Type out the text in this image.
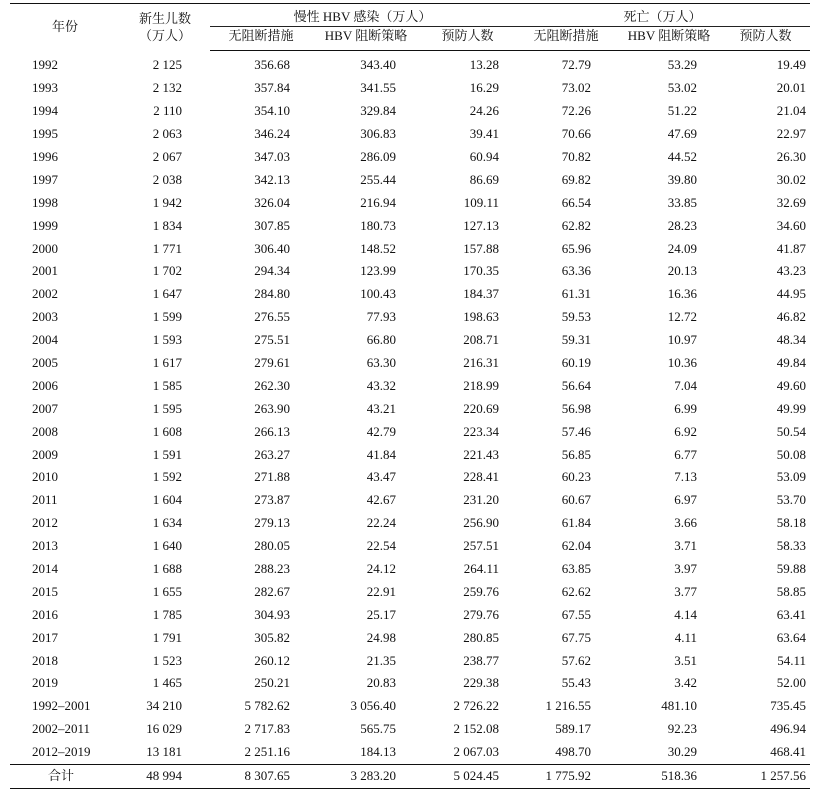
年份	新生儿数
（万人）	慢性 HBV 感染（万人）			死亡（万人）		
		无阻断措施	HBV 阻断策略	预防人数	无阻断措施	HBV 阻断策略	预防人数
1992	2 125	356.68	343.40	13.28	72.79	53.29	19.49
1993	2 132	357.84	341.55	16.29	73.02	53.02	20.01
1994	2 110	354.10	329.84	24.26	72.26	51.22	21.04
1995	2 063	346.24	306.83	39.41	70.66	47.69	22.97
1996	2 067	347.03	286.09	60.94	70.82	44.52	26.30
1997	2 038	342.13	255.44	86.69	69.82	39.80	30.02
1998	1 942	326.04	216.94	109.11	66.54	33.85	32.69
1999	1 834	307.85	180.73	127.13	62.82	28.23	34.60
2000	1 771	306.40	148.52	157.88	65.96	24.09	41.87
2001	1 702	294.34	123.99	170.35	63.36	20.13	43.23
2002	1 647	284.80	100.43	184.37	61.31	16.36	44.95
2003	1 599	276.55	77.93	198.63	59.53	12.72	46.82
2004	1 593	275.51	66.80	208.71	59.31	10.97	48.34
2005	1 617	279.61	63.30	216.31	60.19	10.36	49.84
2006	1 585	262.30	43.32	218.99	56.64	7.04	49.60
2007	1 595	263.90	43.21	220.69	56.98	6.99	49.99
2008	1 608	266.13	42.79	223.34	57.46	6.92	50.54
2009	1 591	263.27	41.84	221.43	56.85	6.77	50.08
2010	1 592	271.88	43.47	228.41	60.23	7.13	53.09
2011	1 604	273.87	42.67	231.20	60.67	6.97	53.70
2012	1 634	279.13	22.24	256.90	61.84	3.66	58.18
2013	1 640	280.05	22.54	257.51	62.04	3.71	58.33
2014	1 688	288.23	24.12	264.11	63.85	3.97	59.88
2015	1 655	282.67	22.91	259.76	62.62	3.77	58.85
2016	1 785	304.93	25.17	279.76	67.55	4.14	63.41
2017	1 791	305.82	24.98	280.85	67.75	4.11	63.64
2018	1 523	260.12	21.35	238.77	57.62	3.51	54.11
2019	1 465	250.21	20.83	229.38	55.43	3.42	52.00
1992–2001	34 210	5 782.62	3 056.40	2 726.22	1 216.55	481.10	735.45
2002–2011	16 029	2 717.83	565.75	2 152.08	589.17	92.23	496.94
2012–2019	13 181	2 251.16	184.13	2 067.03	498.70	30.29	468.41
合计	48 994	8 307.65	3 283.20	5 024.45	1 775.92	518.36	1 257.56
